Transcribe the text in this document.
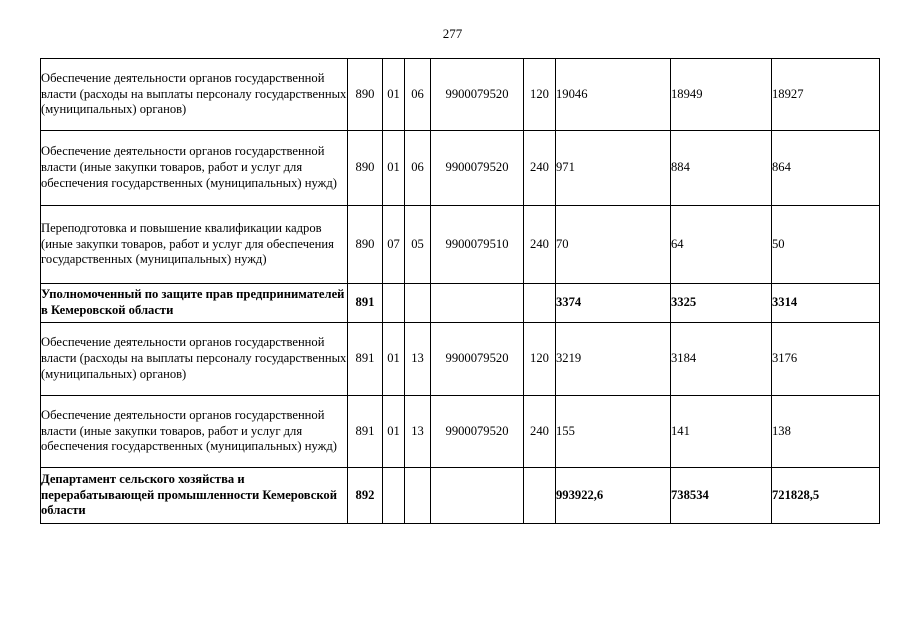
277
Обеспечение деятельности органов государственной власти (расходы на выплаты персоналу государственных (муниципальных) органов)	890	01	06	9900079520	120	19046	18949	18927
Обеспечение деятельности органов государственной власти (иные закупки товаров, работ и услуг для обеспечения государственных (муниципальных) нужд)	890	01	06	9900079520	240	971	884	864
Переподготовка и повышение квалификации кадров (иные закупки товаров, работ и услуг для обеспечения государственных (муниципальных) нужд)	890	07	05	9900079510	240	70	64	50
Уполномоченный по защите прав предпринимателей в Кемеровской области	891					3374	3325	3314
Обеспечение деятельности органов государственной власти (расходы на выплаты персоналу государственных (муниципальных) органов)	891	01	13	9900079520	120	3219	3184	3176
Обеспечение деятельности органов государственной власти (иные закупки товаров, работ и услуг для обеспечения государственных (муниципальных) нужд)	891	01	13	9900079520	240	155	141	138
Департамент сельского хозяйства и перерабатывающей промышленности Кемеровской области	892					993922,6	738534	721828,5
